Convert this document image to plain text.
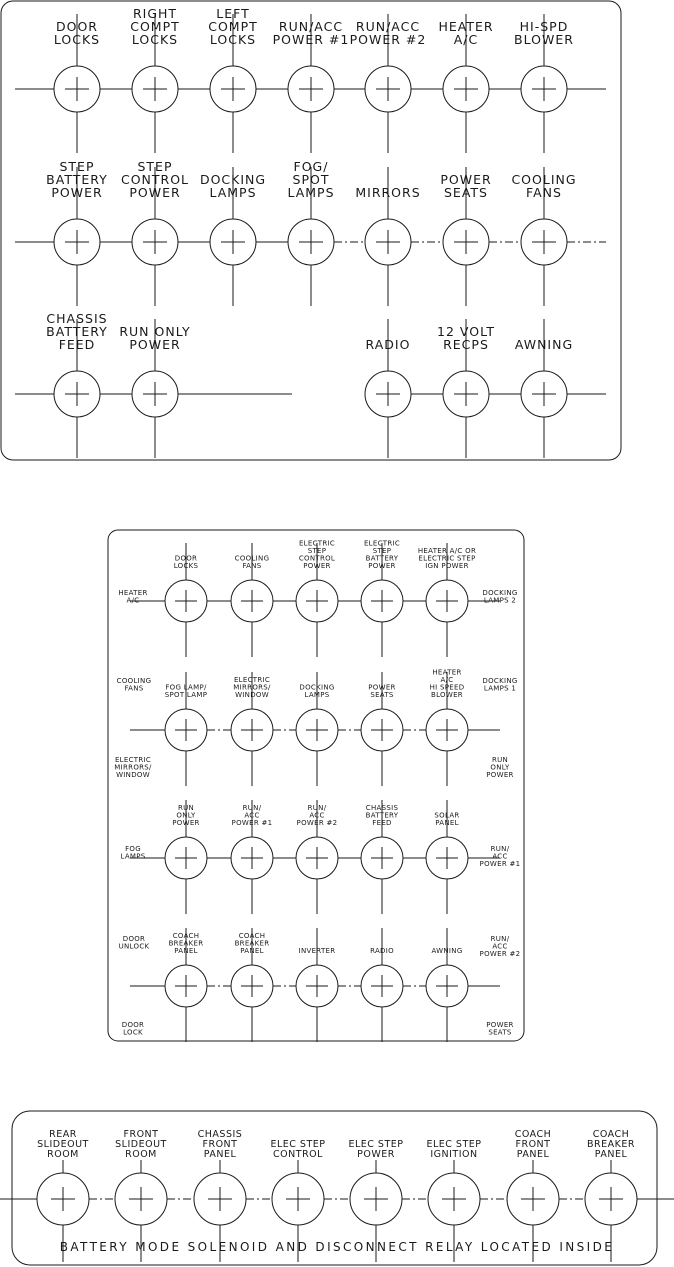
DOOR LOCKS
RIGHT COMPT LOCKS
LEFT COMPT LOCKS
RUN/ACC POWER #1
RUN/ACC POWER #2
HEATER A/C
HI-SPD BLOWER
STEP BATTERY POWER
STEP CONTROL POWER
DOCKING LAMPS
FOG/ SPOT LAMPS MIRRORS
POWER SEATS
COOLING FANS
CHASSIS BATTERY FEED
RUN ONLY POWER	RADIO
12 VOLT RECPS	AWNING
DOOR LOCKS
COOLING FANS
ELECTRIC STEP CONTROL POWER
ELECTRIC STEP BATTERY POWER
HEATER A/C OR ELECTRIC STEP IGN POWER
FOG LAMP/ SPOT LAMP
ELECTRIC MIRRORS/ WINDOW
DOCKING LAMPS
POWER SEATS
HEATER A/C HI SPEED BLOWER
RUN ONLY POWER
RUN/ ACC POWER #1
RUN/ ACC POWER #2
CHASSIS BATTERY FEED
SOLAR PANEL
COACH BREAKER PANEL
COACH BREAKER PANEL	INVERTER	RADIO	AWNING
HEATER A/C
COOLING FANS
ELECTRIC MIRRORS/ WINDOW
FOG LAMPS
DOOR UNLOCK
DOOR LOCK
DOCKING LAMPS 2
DOCKING LAMPS 1
RUN ONLY POWER
RUN/ ACC POWER #1
RUN/ ACC POWER #2
POWER SEATS
REAR SLIDEOUT ROOM
FRONT SLIDEOUT ROOM
CHASSIS FRONT PANEL
ELEC STEP CONTROL
ELEC STEP POWER
ELEC STEP IGNITION
COACH FRONT PANEL
COACH BREAKER PANEL
BATTERY MODE SOLENOID AND DISCONNECT RELAY LOCATED INSIDE
